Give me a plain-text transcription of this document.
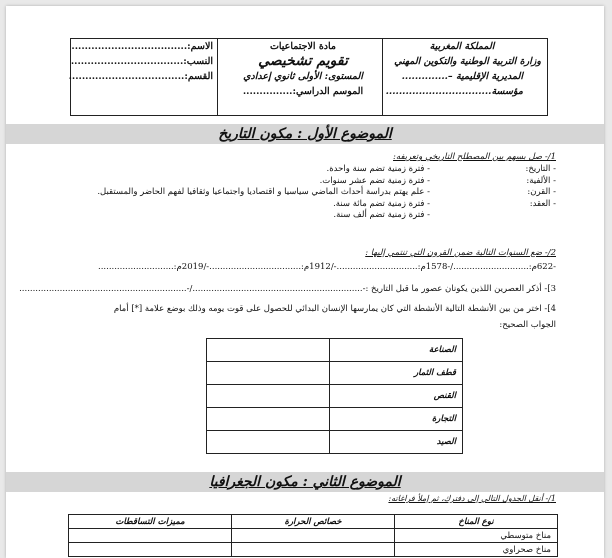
المملكة المغربية
وزارة التربية الوطنية والتكوين المهني
المديرية الإقليمية –..............
مؤسسة................................
مادة الاجتماعيات
تقويم تشخيصي
المستوى: الأولى ثانوي إعدادي
الموسم الدراسي:...............
الاسم:...................................
النسب:..................................
القسم:...................................
الموضوع الأول : مكون التاريخ
1/- صل بسهم بين المصطلح التاريخي وتعريفه:
- التاريخ:
- الألفية:
- القرن:
- العقد:
- فترة زمنية تضم سنة واحدة.
- فترة زمنية تضم عشر سنوات.
- علم يهتم بدراسة أحداث الماضي سياسيا و اقتصاديا واجتماعيا وثقافيا لفهم الحاضر والمستقبل.
- فترة زمنية تضم مائة سنة.
- فترة زمنية تضم ألف سنة.
2/- ضع السنوات التالية ضمن القرون التي تنتمي إليها :
-622م:............................/-1578م:..............................-/1912م:..................................-/2019م:............................
3]- أذكر العصرين اللذين يكونان عصور ما قبل التاريخ :-.............................................................../-..............................................................
4]- اختر من بين الأنشطة التالية الأنشطة التي كان يمارسها الإنسان البدائي للحصول على قوت يومه وذلك بوضع علامة [*] أمام
الجواب الصحيح:
	الصناعة
	قطف الثمار
	القنص
	التجارة
	الصيد
الموضوع الثاني : مكون الجغرافيا
1/- أنقل الجدول التالي إلى دفترك، ثم إملأ فراغاته:
نوع المناخ	خصائص الحرارة	مميزات التساقطات
مناخ متوسطي		
مناخ صحراوي		
